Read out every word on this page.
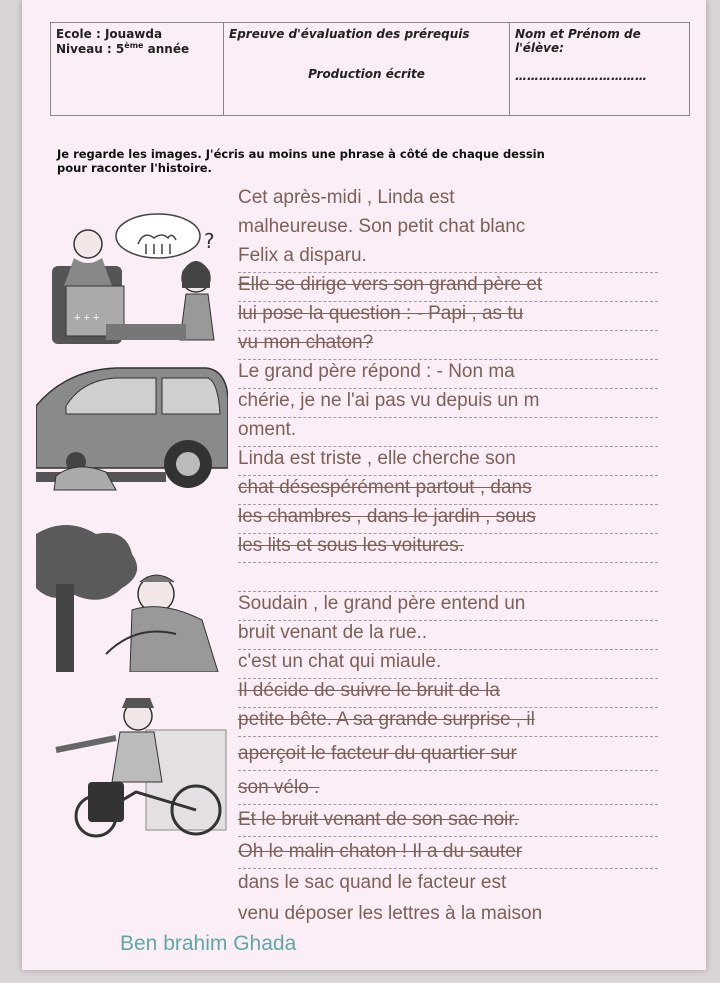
Ecole : Jouawda
Niveau : 5ème année

Epreuve d'évaluation des prérequis
Production écrite

Nom et Prénom de l'élève:
……………………………
Je regarde les images. J'écris au moins une phrase à côté de chaque dessin
pour raconter l'histoire.
?
+ + +
Ben brahim Ghada
Cet après-midi , Linda est
malheureuse. Son petit chat blanc
Felix a disparu.
Elle se dirige vers son grand père et
lui pose la question : - Papi , as tu
vu mon chaton?
Le grand père répond : - Non ma
chérie, je ne l'ai pas vu depuis un m
oment.
Linda est triste , elle cherche son
chat désespérément partout , dans
les chambres , dans le jardin , sous
les lits et sous les voitures.
Soudain , le grand père entend un
bruit venant de la rue..
c'est un chat qui miaule.
Il décide de suivre le bruit de la
petite bête. A sa grande surprise , il
aperçoit le facteur du quartier sur
son vélo .
Et le bruit venant de son sac noir.
Oh le malin chaton ! Il a du sauter
dans le sac quand le facteur est
venu déposer les lettres à la maison
